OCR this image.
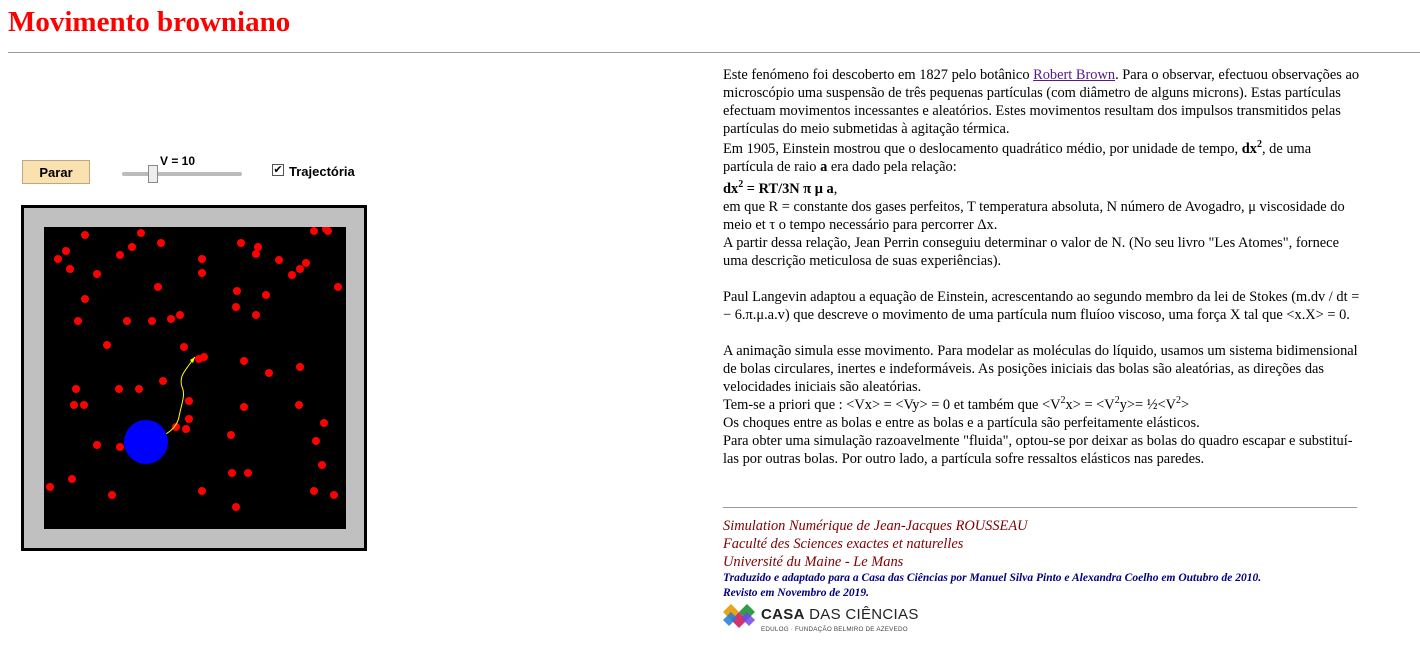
Movimento browniano
Parar
V = 10
✔ Trajectória

Este fenómeno foi descoberto em 1827 pelo botânico Robert Brown. Para o observar, efectuou observações ao microscópio uma suspensão de três pequenas partículas (com diâmetro de alguns microns). Estas partículas efectuam movimentos incessantes e aleatórios. Estes movimentos resultam dos impulsos transmitidos pelas partículas do meio submetidas à agitação térmica.

Em 1905, Einstein mostrou que o deslocamento quadrático médio, por unidade de tempo, $dx^2$, de uma partícula de raio a era dado pela relação:

$dx^2 = RT/3N$ π μ a,

em que R = constante dos gases perfeitos, T temperatura absoluta, N número de Avogadro, μ viscosidade do meio et τ o tempo necessário para percorrer Δx.

A partir dessa relação, Jean Perrin conseguiu determinar o valor de N. (No seu livro "Les Atomes", fornece uma descrição meticulosa de suas experiências).

Paul Langevin adaptou a equação de Einstein, acrescentando ao segundo membro da lei de Stokes (m.dv / dt = − 6.π.μ.a.v) que descreve o movimento de uma partícula num fluíoo viscoso, uma força X tal que <x.X> = 0.

A animação simula esse movimento. Para modelar as moléculas do líquido, usamos um sistema bidimensional de bolas circulares, inertes e indeformáveis. As posições iniciais das bolas são aleatórias, as direções das velocidades iniciais são aleatórias.

Tem-se a priori que : <Vx> = <Vy> = 0 et também que $<V^2x> = <V^2y>=$ $\frac{1}{2}<V^2>$

Os choques entre as bolas e entre as bolas e a partícula são perfeitamente elásticos.

Para obter uma simulação razoavelmente "fluida", optou-se por deixar as bolas do quadro escapar e substituí-las por outras bolas. Por outro lado, a partícula sofre ressaltos elásticos nas paredes.

Simulation Numérique de Jean-Jacques ROUSSEAU
Faculté des Sciences exactes et naturelles
Université du Maine - Le Mans
Traduzido e adaptado para a Casa das Ciências por Manuel Silva Pinto e Alexandra Coelho em Outubro de 2010.
Revisto em Novembro de 2019.
CASA DAS CIÊNCIAS
EDULOG · FUNDAÇÃO BELMIRO DE AZEVEDO
